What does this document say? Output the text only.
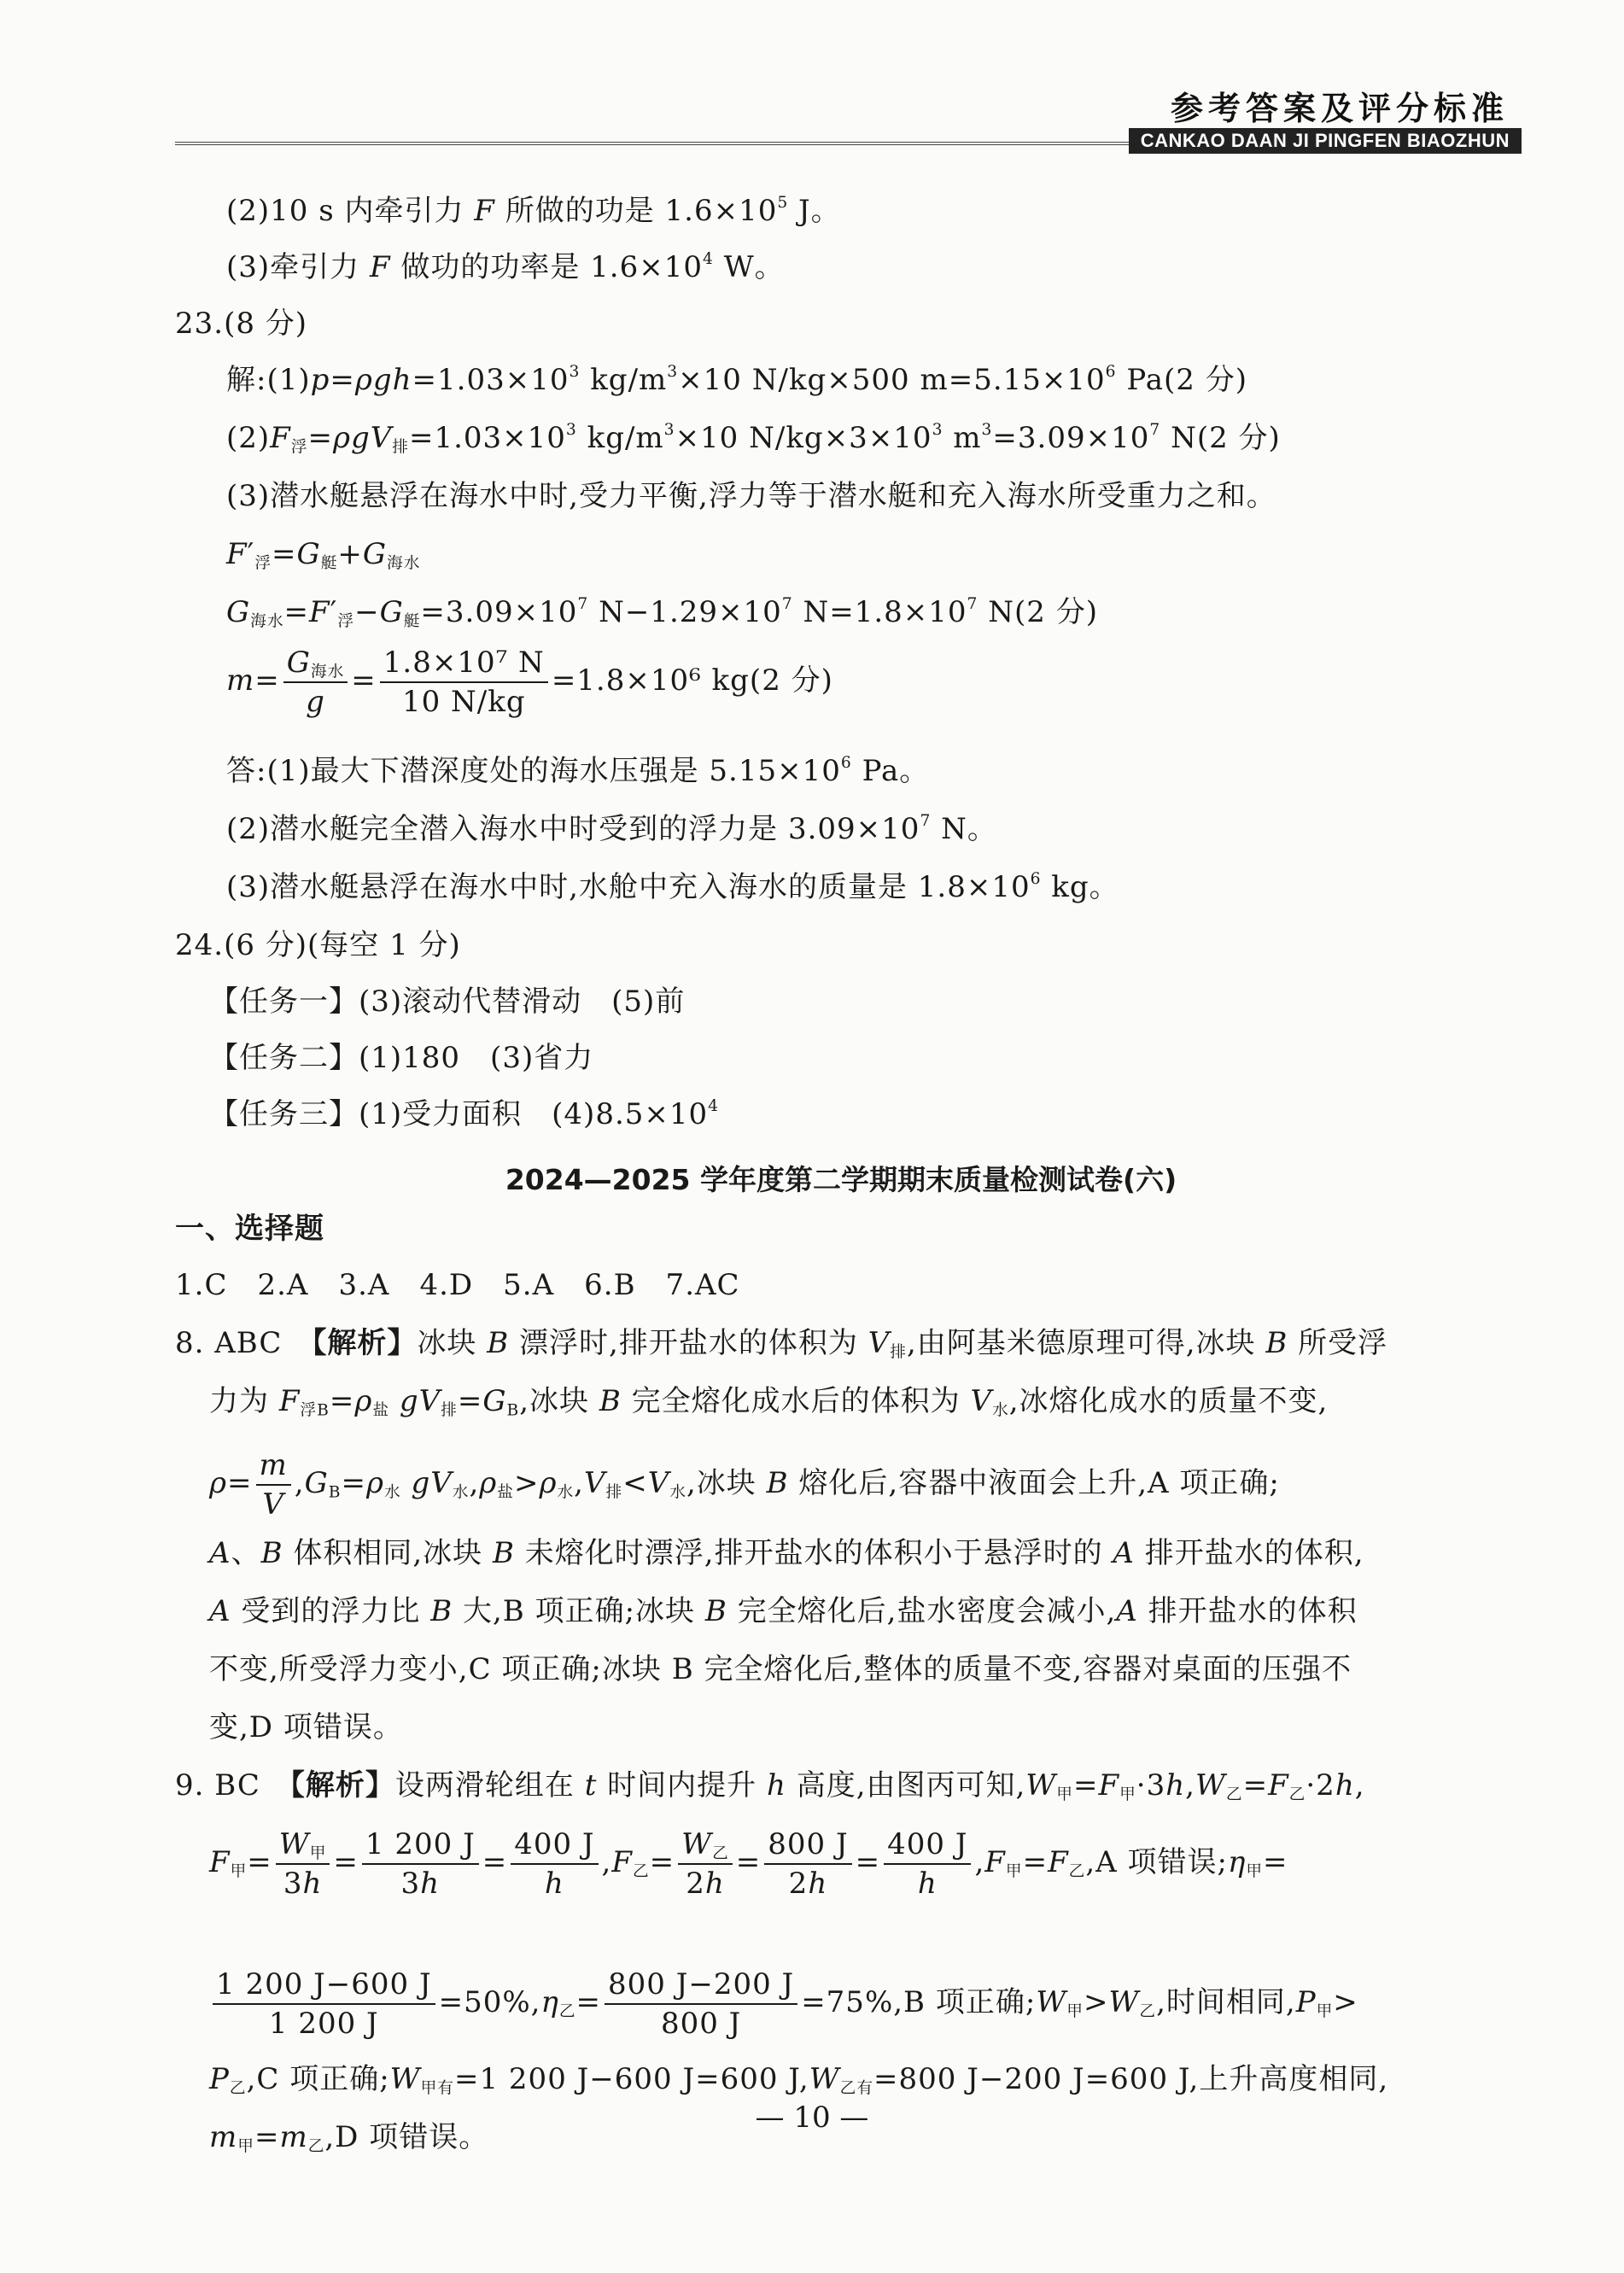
参考答案及评分标准
CANKAO DAAN JI PINGFEN BIAOZHUN
(2)10 s 内牵引力 F 所做的功是 $1.6\times 10^5$ J。
(3)牵引力 F 做功的功率是 $1.6\times 10^4$ W。
23.(8 分)
解$:(1)p=\rho gh=1.03\times 10^3$ $kg/m^3\times 10$ N/kg×500 $m=5.15\times 10^6$ Pa(2 分)
$(2)F_浮=\rho gV_排=1.03\times 10^3$ $kg/m^3\times 10$ $N/kg\times 3\times 10^3$ $m^3=3.09\times 10^7$ N(2 分)
(3)潜水艇悬浮在海水中时,受力平衡,浮力等于潜水艇和充入海水所受重力之和。
$F'_浮=G_艇+G_{海水}$
$G_{海水}=F'_浮-G_艇=3.09\times 10^7$ $N-1.29\times 10^7$ $N=1.8\times 10^7$ N(2 分)
$m= \frac{G_{海水}}{g} = \frac{\text{1.8×10⁷ N}}{10 N/kg} =1.8\times 10^6$ kg(2 分)
答:(1)最大下潜深度处的海水压强是 $5.15\times 10^6$ Pa。
(2)潜水艇完全潜入海水中时受到的浮力是 $3.09\times 10^7$ N。
(3)潜水艇悬浮在海水中时,水舱中充入海水的质量是 $1.8\times 10^6$ kg。
24.(6 分)(每空 1 分)
【任务一】(3)滚动代替滑动　(5)前
【任务二】(1)180　(3)省力
【任务三】(1)受力面积　$(4)8.5\times 10^4$
2024—2025 学年度第二学期期末质量检测试卷(六)
一、选择题
1.C　2.A　3.A　4.D　5.A　6.B　7.AC
8. ABC　【解析】冰块 B 漂浮时,排开盐水的体积为 $V_排$,由阿基米德原理可得,冰块 B 所受浮
力为 $F_{浮B}=\rho_盐$ $gV_排=G_B$,冰块 B 完全熔化成水后的体积为 $V_水$,冰熔化成水的质量不变,
$\rho= \frac{m}{V} ,G_B=\rho_水$ $gV_水,\rho_盐>\rho_水,V_排<V_水$,冰块 B 熔化后,容器中液面会上升,A 项正确;
A、B 体积相同,冰块 B 未熔化时漂浮,排开盐水的体积小于悬浮时的 A 排开盐水的体积,
A 受到的浮力比 B 大,B 项正确;冰块 B 完全熔化后,盐水密度会减小,A 排开盐水的体积
不变,所受浮力变小,C 项正确;冰块 B 完全熔化后,整体的质量不变,容器对桌面的压强不
变,D 项错误。
9. BC　【解析】设两滑轮组在 t 时间内提升 h 高度,由图丙可知$,W_甲=F_甲\cdot 3h,W_乙=F_乙\cdot 2h$,
$F_甲= \frac{W_甲}{3h} = \frac{1 200 J}{3h} = \frac{400 J}{h} ,F_乙= \frac{W_乙}{2h} = \frac{800 J}{2h} = \frac{400 J}{h} ,F_甲=F_乙,A$ 项错误$;\eta_甲=$
$\frac{1 200 J-600 J}{1 200 J} =50\%,\eta_乙= \frac{800 J-200 J}{800 J} =75\%,B$ 项正确$;W_甲>W_乙$,时间相同$,P_甲>$
$P_乙,C$ 项正确$;W_{甲有}=1$ 200 J−600 J=600 $J,W_{乙有}=800$ J−200 J=600 J,上升高度相同,
$m_甲=m_乙,D$ 项错误。
— 10 —
